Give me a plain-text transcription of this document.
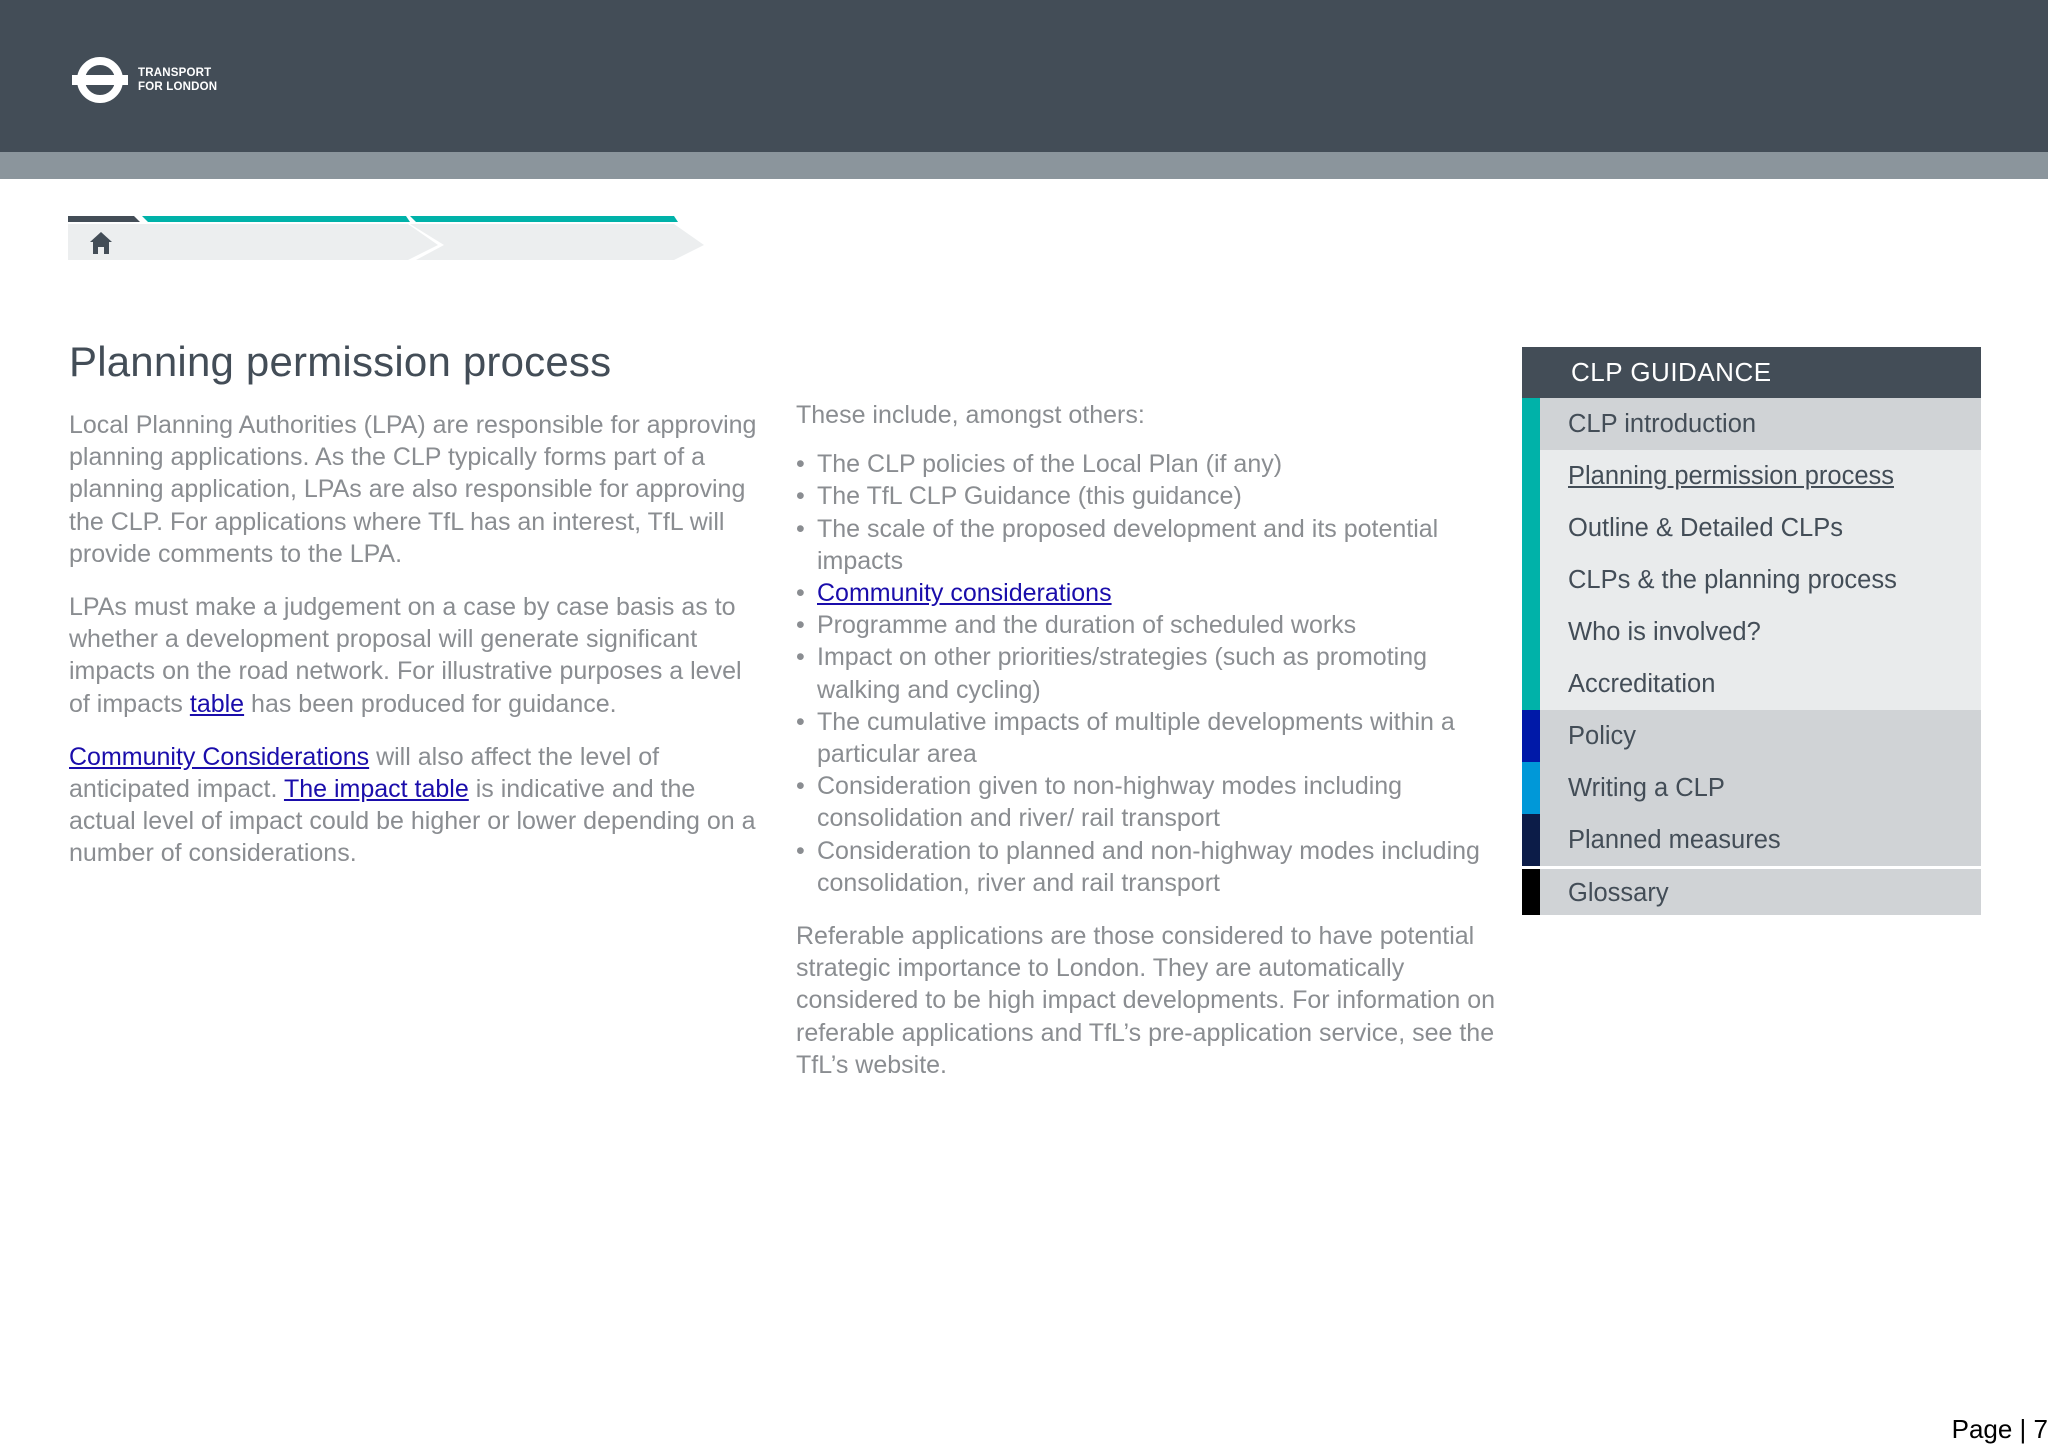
TRANSPORT
FOR LONDON
Planning permission process

Local Planning Authorities (LPA) are responsible for approving planning applications. As the CLP typically forms part of a planning application, LPAs are also responsible for approving the CLP. For applications where TfL has an interest, TfL will provide comments to the LPA.

LPAs must make a judgement on a case by case basis as to whether a development proposal will generate significant impacts on the road network. For illustrative purposes a level of impacts table has been produced for guidance.

Community Considerations will also affect the level of anticipated impact. The impact table is indicative and the actual level of impact could be higher or lower depending on a number of considerations.

These include, amongst others:

• The CLP policies of the Local Plan (if any)
• The TfL CLP Guidance (this guidance)
• The scale of the proposed development and its potential impacts
• Community considerations
• Programme and the duration of scheduled works
• Impact on other priorities/strategies (such as promoting walking and cycling)
• The cumulative impacts of multiple developments within a particular area
• Consideration given to non-highway modes including consolidation and river/ rail transport
• Consideration to planned and non-highway modes including consolidation, river and rail transport

Referable applications are those considered to have potential strategic importance to London. They are automatically considered to be high impact developments. For information on referable applications and TfL’s pre-application service, see the TfL’s website.

CLP GUIDANCE
CLP introduction
Planning permission process
Outline & Detailed CLPs
CLPs & the planning process
Who is involved?
Accreditation
Policy
Writing a CLP
Planned measures
Glossary
Page | 7
